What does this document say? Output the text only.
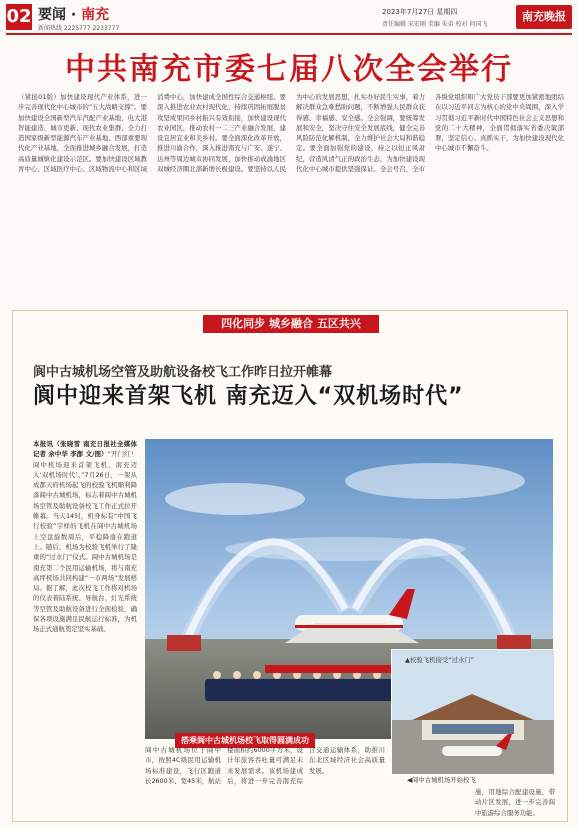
02 要闻 · 南充
新闻热线 2225777 2233777
2023年7月27日 星期四
责任编辑 宋宏刚 美编 朱弟 校对 何国飞
南充晚报
中共南充市委七届八次全会举行
（紧接01版）加快建设现代产业体系，进一步完善现代化中心城市的“五大战略支撑”。要加快建设全国新型汽车汽配产业基地，电大港智能建造、城市更新、现代农业集群，全力打造国家级新型能源汽车产业基地、西部重要现代化产业基地，全面推进城乡融合发展，打造高质量城镇化建设示范区。要加快建设区域教育中心、区域医疗中心、区域物流中心和区域消费中心，加快建成全国性综合交通枢纽。要深入推进农业农村现代化，持续巩固拓展脱贫攻坚成果同乡村振兴有效衔接，加快建设现代农业园区，推动农村一二三产业融合发展，建设宜居宜业和美乡村。要全面深化改革开放，推进川渝合作，深入推进南充与广安、遂宁、达州等周边城市协同发展，加快推动成渝地区双城经济圈北部新增长极建设。要坚持以人民为中心的发展思想，扎实办好民生实事，着力解决群众急难愁盼问题，不断增强人民群众获得感、幸福感、安全感。全会强调，要统筹发展和安全，坚决守住安全发展底线，健全完善风险防范化解机制，全力维护社会大局和谐稳定。要全面加强党的建设，持之以恒正风肃纪，营造风清气正的政治生态，为加快建设现代化中心城市提供坚强保证。全会号召，全市各级党组织和广大党员干部要更加紧密地团结在以习近平同志为核心的党中央周围，深入学习贯彻习近平新时代中国特色社会主义思想和党的二十大精神，全面贯彻落实省委决策部署，坚定信心、真抓实干，为加快建设现代化中心城市不懈奋斗。
四化同步 城乡融合 五区共兴
阆中古城机场空管及助航设备校飞工作昨日拉开帷幕
阆中迎来首架飞机 南充迈入“双机场时代”
本报讯（张晓雪 南充日报社全媒体记者 余中华 李澎 文/图）“开门红！阆中机场迎来首架飞机，南充迈入‘双机场时代’。”7月26日，一架从成都天府机场起飞的校验飞机顺利降落阆中古城机场，标志着阆中古城机场空管及助航设备校飞工作正式拉开帷幕。当天14时，机身标有“中国飞行校验”字样的飞机在阆中古城机场上空盘旋数周后，平稳降落在跑道上。随后，机场为校验飞机举行了隆重的“过水门”仪式。阆中古城机场是南充第二个民用运输机场，将与南充高坪机场共同构建“一市两场”发展格局。据了解，此次校飞工作将对机场的仪表着陆系统、导航台、灯光系统等空管及助航设备进行全面检验，确保各项设施满足民航运行标准，为机场正式通航奠定坚实基础。
搭乘阆中古城机场校飞取得圆满成功
▲校验飞机接受“过水门”
◀阆中古城机场开始校飞
阆中古城机场位于阆中市，按照4C级民用运输机场标准建设，飞行区跑道长2600米、宽45米，航站楼面积约6000平方米，设计年旅客吞吐量可满足未来发展需求。该机场建成后，将进一步完善南充综合交通运输体系，助推川东北区域经济社会高质量发展。
施，用地综合配建设施，带动片区发展，进一步完善阆中旅游综合服务功能。
